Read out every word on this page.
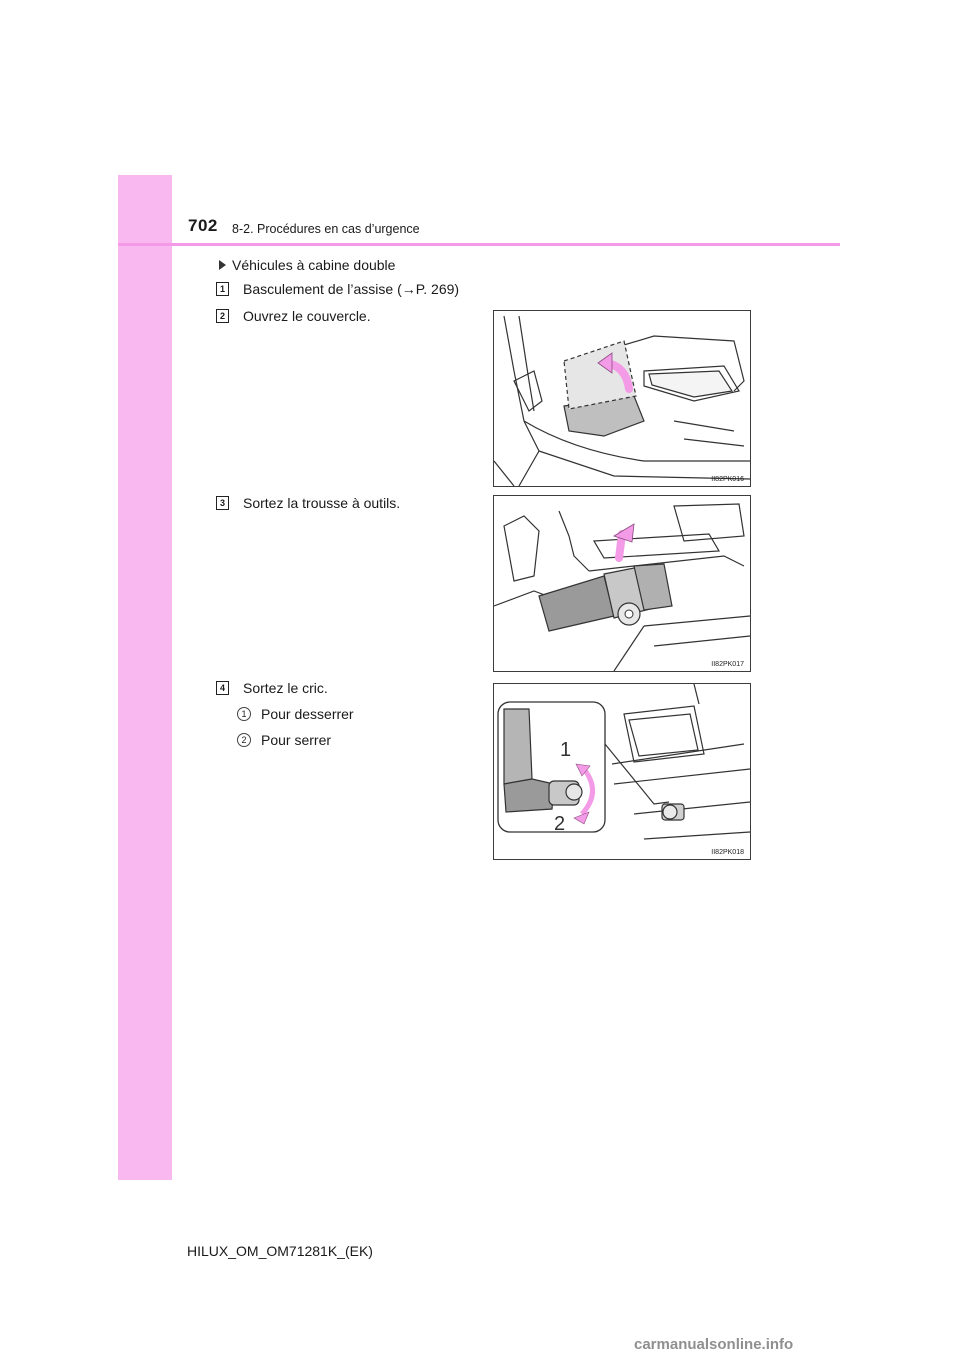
702 8-2. Procédures en cas d’urgence
Véhicules à cabine double
1 Basculement de l’assise (→P. 269)
2 Ouvrez le couvercle.
3 Sortez la trousse à outils.
4 Sortez le cric.
1	Pour desserrer
2	Pour serrer
II82PK016
II82PK017
1
2
II82PK018
HILUX_OM_OM71281K_(EK)
carmanualsonline.info
